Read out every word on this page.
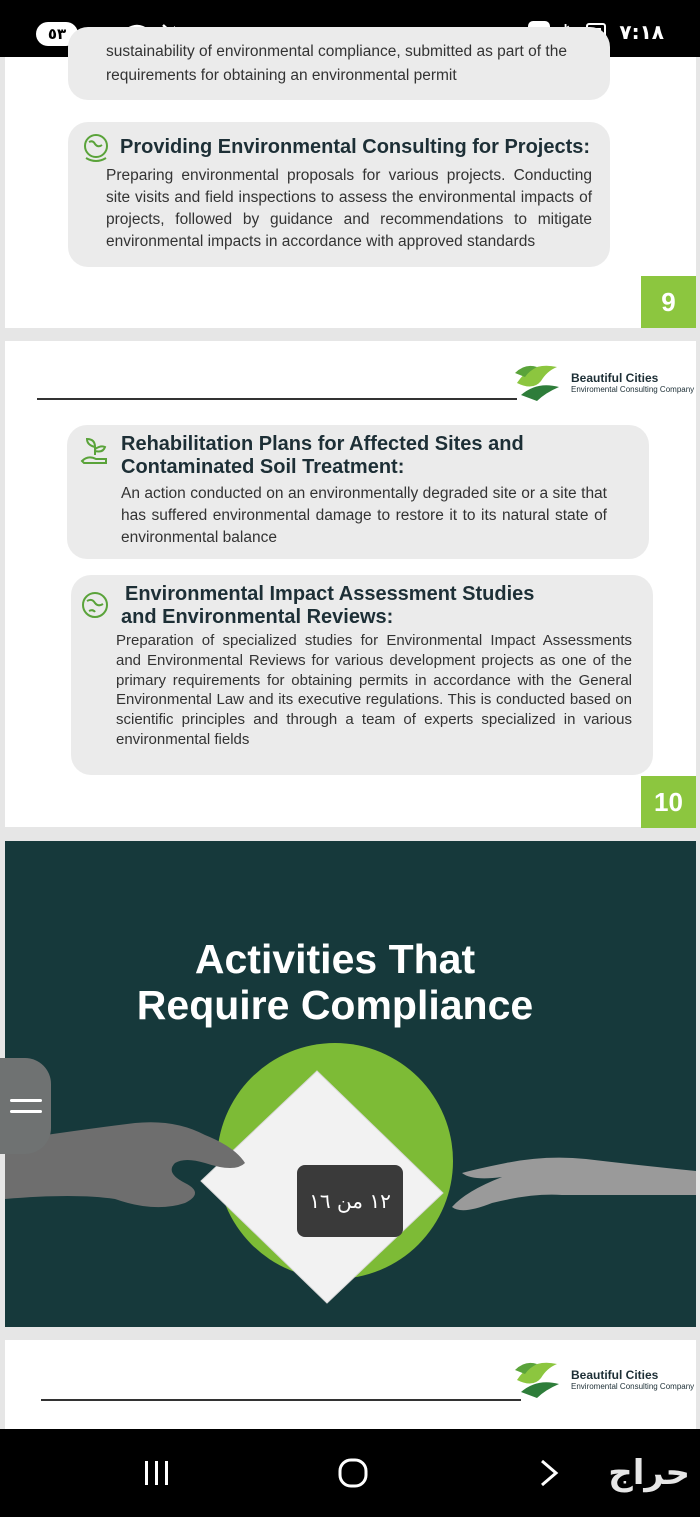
٥٣	٧:١٨
sustainability of environmental compliance, submitted as part of the
requirements for obtaining an environmental permit
Providing Environmental Consulting for Projects:
Preparing environmental proposals for various projects. Conducting site visits and field inspections to assess the environmental impacts of projects, followed by guidance and recommendations to mitigate environmental impacts in accordance with approved standards
9
Beautiful Cities
Enviromental Consulting Company
Rehabilitation Plans for Affected Sites and
Contaminated Soil Treatment:
An action conducted on an environmentally degraded site or a site that has suffered environmental damage to restore it to its natural state of environmental balance
Environmental Impact Assessment Studies
and Environmental Reviews:
Preparation of specialized studies for Environmental Impact Assessments and Environmental Reviews for various development projects as one of the primary requirements for obtaining permits in accordance with the General Environmental Law and its executive regulations. This is conducted based on scientific principles and through a team of experts specialized in various environmental fields
10
Activities That
Require Compliance
١٢ من ١٦
Beautiful Cities
Enviromental Consulting Company
حراج
